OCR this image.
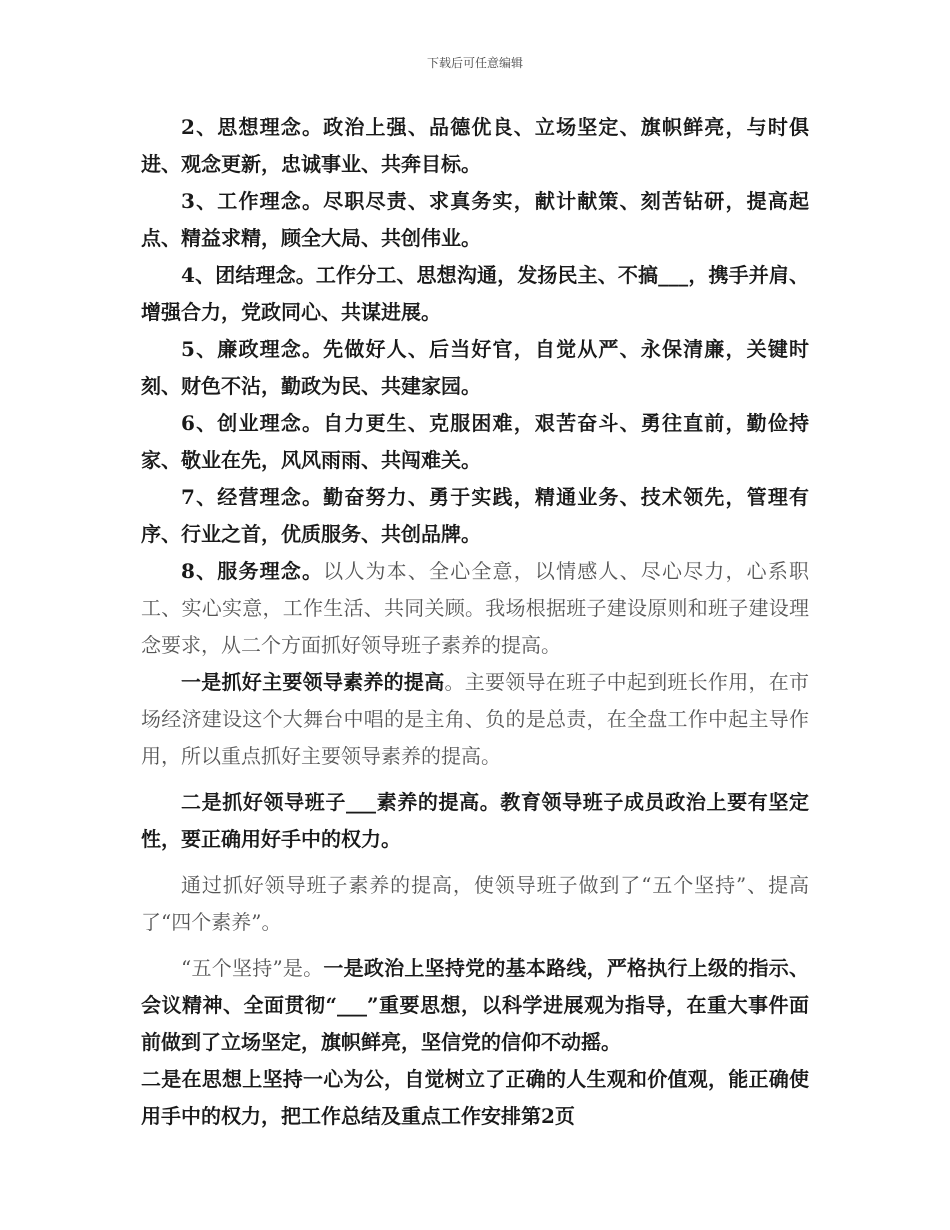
下载后可任意编辑

2、思想理念。政治上强、品德优良、立场坚定、旗帜鲜亮，与时俱进、观念更新，忠诚事业、共奔目标。

3、工作理念。尽职尽责、求真务实，献计献策、刻苦钻研，提高起点、精益求精，顾全大局、共创伟业。

4、团结理念。工作分工、思想沟通，发扬民主、不搞___，携手并肩、增强合力，党政同心、共谋进展。

5、廉政理念。先做好人、后当好官，自觉从严、永保清廉，关键时刻、财色不沾，勤政为民、共建家园。

6、创业理念。自力更生、克服困难，艰苦奋斗、勇往直前，勤俭持家、敬业在先，风风雨雨、共闯难关。

7、经营理念。勤奋努力、勇于实践，精通业务、技术领先，管理有序、行业之首，优质服务、共创品牌。

8、服务理念。以人为本、全心全意，以情感人、尽心尽力，心系职工、实心实意，工作生活、共同关顾。我场根据班子建设原则和班子建设理念要求，从二个方面抓好领导班子素养的提高。

一是抓好主要领导素养的提高。主要领导在班子中起到班长作用，在市场经济建设这个大舞台中唱的是主角、负的是总责，在全盘工作中起主导作用，所以重点抓好主要领导素养的提高。

二是抓好领导班子___素养的提高。教育领导班子成员政治上要有坚定性，要正确用好手中的权力。

通过抓好领导班子素养的提高，使领导班子做到了“五个坚持”、提高了“四个素养”。

“五个坚持”是。一是政治上坚持党的基本路线，严格执行上级的指示、会议精神、全面贯彻“___”重要思想，以科学进展观为指导，在重大事件面前做到了立场坚定，旗帜鲜亮，坚信党的信仰不动摇。

二是在思想上坚持一心为公，自觉树立了正确的人生观和价值观，能正确使用手中的权力，把工作总结及重点工作安排第2页
